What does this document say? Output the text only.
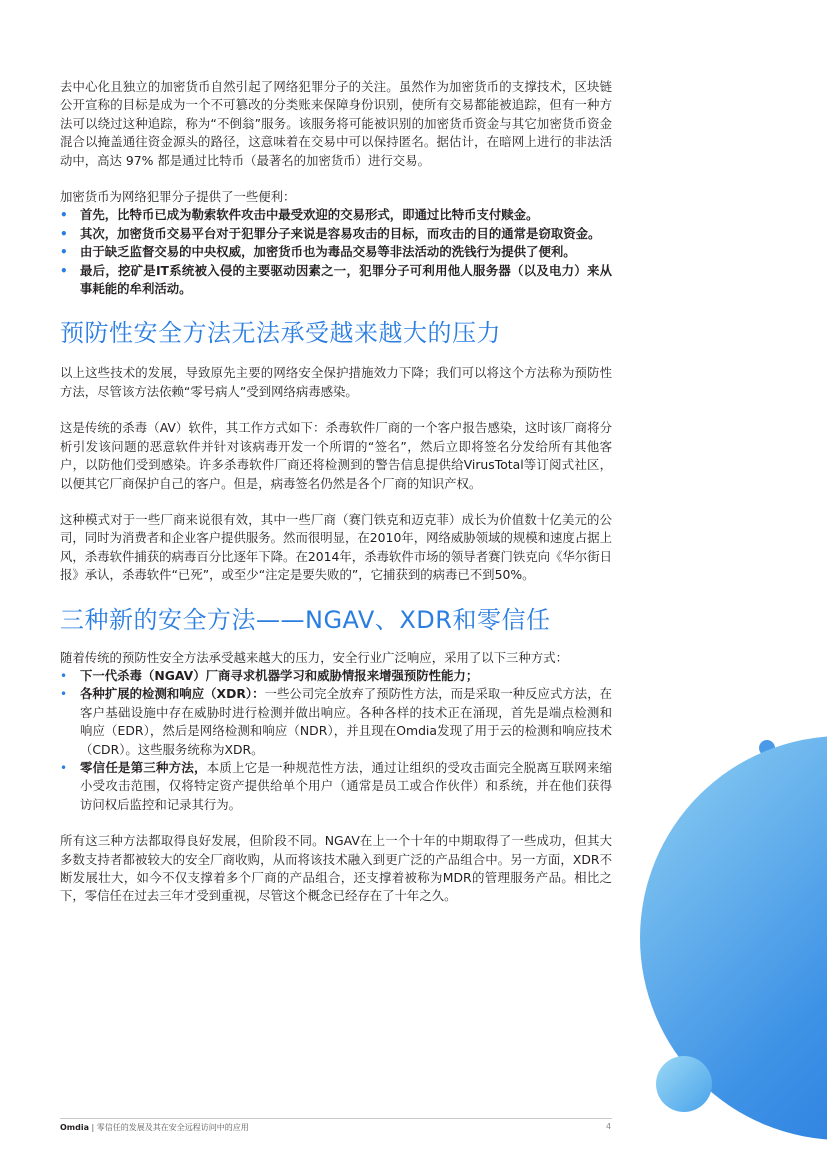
去中心化且独立的加密货币自然引起了网络犯罪分子的关注。虽然作为加密货币的支撑技术，区块链公开宣称的目标是成为一个不可篡改的分类账来保障身份识别，使所有交易都能被追踪，但有一种方法可以绕过这种追踪，称为“不倒翁”服务。该服务将可能被识别的加密货币资金与其它加密货币资金混合以掩盖通往资金源头的路径，这意味着在交易中可以保持匿名。据估计，在暗网上进行的非法活动中，高达 97% 都是通过比特币（最著名的加密货币）进行交易。

加密货币为网络犯罪分子提供了一些便利：

• 首先，比特币已成为勒索软件攻击中最受欢迎的交易形式，即通过比特币支付赎金。
• 其次，加密货币交易平台对于犯罪分子来说是容易攻击的目标，而攻击的目的通常是窃取资金。
• 由于缺乏监督交易的中央权威，加密货币也为毒品交易等非法活动的洗钱行为提供了便利。
• 最后，挖矿是IT系统被入侵的主要驱动因素之一，犯罪分子可利用他人服务器（以及电力）来从事耗能的牟利活动。
预防性安全方法无法承受越来越大的压力

以上这些技术的发展，导致原先主要的网络安全保护措施效力下降；我们可以将这个方法称为预防性方法，尽管该方法依赖“零号病人”受到网络病毒感染。

这是传统的杀毒（AV）软件，其工作方式如下：杀毒软件厂商的一个客户报告感染，这时该厂商将分析引发该问题的恶意软件并针对该病毒开发一个所谓的“签名”，然后立即将签名分发给所有其他客户，以防他们受到感染。许多杀毒软件厂商还将检测到的警告信息提供给VirusTotal等订阅式社区，以便其它厂商保护自己的客户。但是，病毒签名仍然是各个厂商的知识产权。

这种模式对于一些厂商来说很有效，其中一些厂商（赛门铁克和迈克菲）成长为价值数十亿美元的公司，同时为消费者和企业客户提供服务。然而很明显，在2010年，网络威胁领域的规模和速度占据上风，杀毒软件捕获的病毒百分比逐年下降。在2014年，杀毒软件市场的领导者赛门铁克向《华尔街日报》承认，杀毒软件“已死”，或至少“注定是要失败的”，它捕获到的病毒已不到50%。

三种新的安全方法——NGAV、XDR和零信任

随着传统的预防性安全方法承受越来越大的压力，安全行业广泛响应，采用了以下三种方式：

• 下一代杀毒（NGAV）厂商寻求机器学习和威胁情报来增强预防性能力；
• 各种扩展的检测和响应（XDR）：一些公司完全放弃了预防性方法，而是采取一种反应式方法，在客户基础设施中存在威胁时进行检测并做出响应。各种各样的技术正在涌现，首先是端点检测和响应（EDR），然后是网络检测和响应（NDR），并且现在Omdia发现了用于云的检测和响应技术（CDR）。这些服务统称为XDR。
• 零信任是第三种方法，本质上它是一种规范性方法，通过让组织的受攻击面完全脱离互联网来缩小受攻击范围，仅将特定资产提供给单个用户（通常是员工或合作伙伴）和系统，并在他们获得访问权后监控和记录其行为。

所有这三种方法都取得良好发展，但阶段不同。NGAV在上一个十年的中期取得了一些成功，但其大多数支持者都被较大的安全厂商收购，从而将该技术融入到更广泛的产品组合中。另一方面，XDR不断发展壮大，如今不仅支撑着多个厂商的产品组合，还支撑着被称为MDR的管理服务产品。相比之下，零信任在过去三年才受到重视，尽管这个概念已经存在了十年之久。

Omdia | 零信任的发展及其在安全远程访问中的应用	4
